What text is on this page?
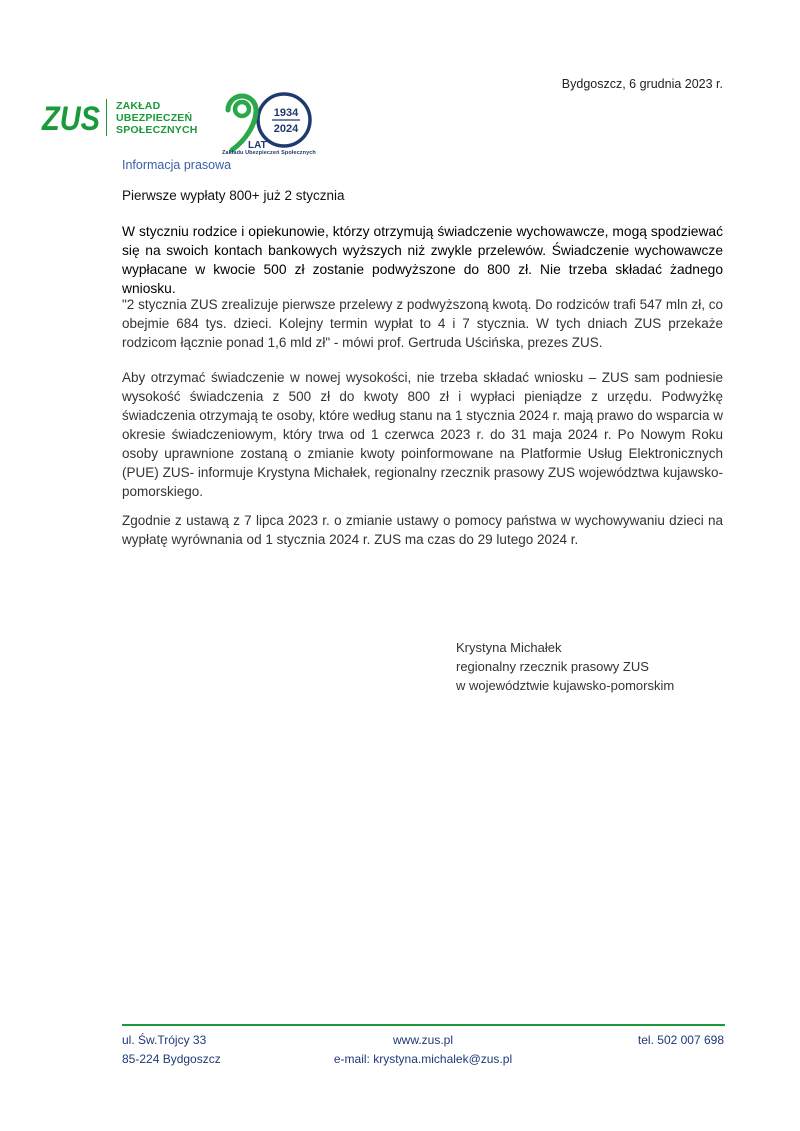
Bydgoszcz, 6 grudnia 2023 r.
ZUS ZAKŁAD
UBEZPIECZEŃ
SPOŁECZNYCH
1934
2024
LAT
Zakładu Ubezpieczeń Społecznych
Informacja prasowa
Pierwsze wypłaty 800+ już 2 stycznia
W styczniu rodzice i opiekunowie, którzy otrzymują świadczenie wychowawcze, mogą spodziewać się na swoich kontach bankowych wyższych niż zwykle przelewów. Świadczenie wychowawcze wypłacane w kwocie 500 zł zostanie podwyższone do 800 zł. Nie trzeba składać żadnego wniosku.
"2 stycznia ZUS zrealizuje pierwsze przelewy z podwyższoną kwotą. Do rodziców trafi 547 mln zł, co obejmie 684 tys. dzieci. Kolejny termin wypłat to 4 i 7 stycznia. W tych dniach ZUS przekaże rodzicom łącznie ponad 1,6 mld zł" - mówi prof. Gertruda Uścińska, prezes ZUS.
Aby otrzymać świadczenie w nowej wysokości, nie trzeba składać wniosku – ZUS sam podniesie wysokość świadczenia z 500 zł do kwoty 800 zł i wypłaci pieniądze z urzędu. Podwyżkę świadczenia otrzymają te osoby, które według stanu na 1 stycznia 2024 r. mają prawo do wsparcia w okresie świadczeniowym, który trwa od 1 czerwca 2023 r. do 31 maja 2024 r. Po Nowym Roku osoby uprawnione zostaną o zmianie kwoty poinformowane na Platformie Usług Elektronicznych (PUE) ZUS- informuje Krystyna Michałek, regionalny rzecznik prasowy ZUS województwa kujawsko-pomorskiego.
Zgodnie z ustawą z 7 lipca 2023 r. o zmianie ustawy o pomocy państwa w wychowywaniu dzieci na wypłatę wyrównania od 1 stycznia 2024 r. ZUS ma czas do 29 lutego 2024 r.
Krystyna Michałek
regionalny rzecznik prasowy ZUS
w województwie kujawsko-pomorskim
ul. Św.Trójcy 33
85-224 Bydgoszcz
www.zus.pl
e-mail: krystyna.michalek@zus.pl
tel. 502 007 698
